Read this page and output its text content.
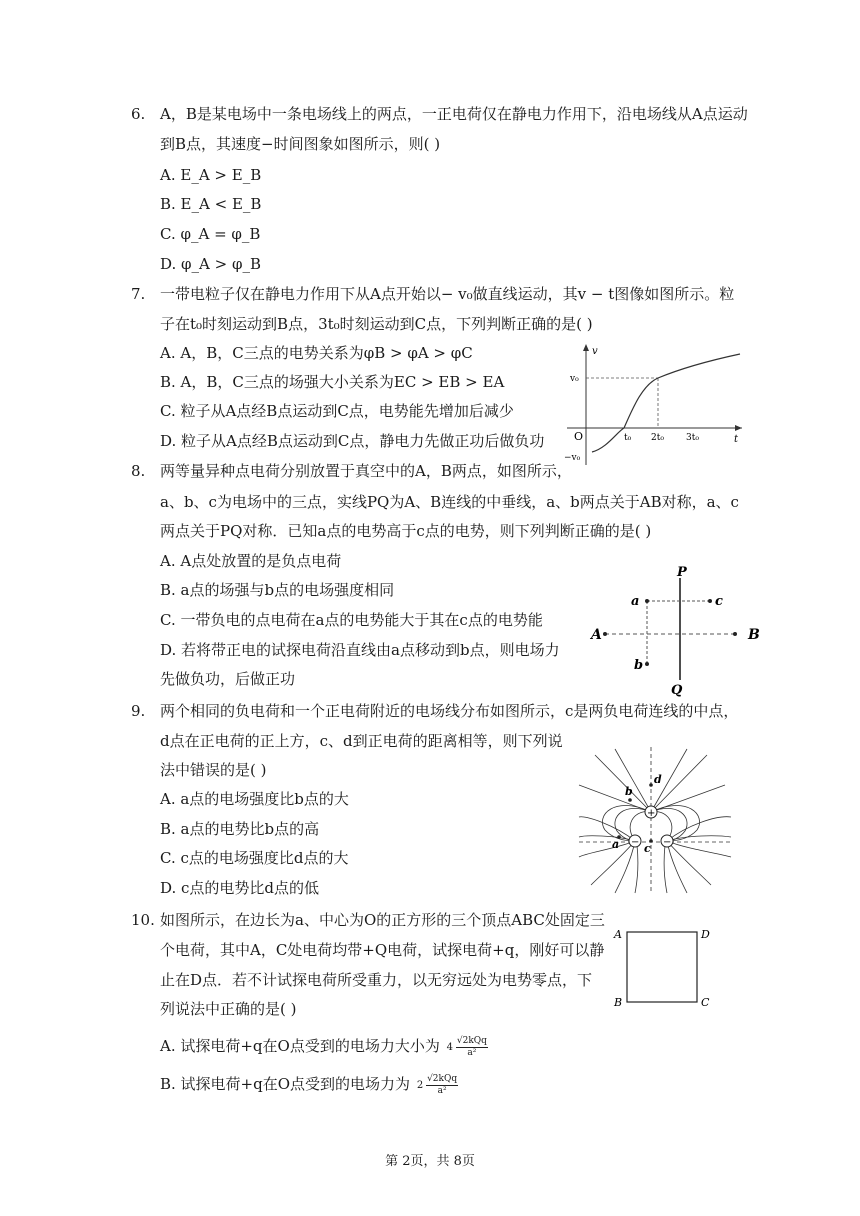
6. A，B是某电场中一条电场线上的两点，一正电荷仅在静电力作用下，沿电场线从A点运动
到B点，其速度−时间图象如图所示，则( )
A. E_A > E_B
B. E_A < E_B
C. φ_A = φ_B
D. φ_A > φ_B
7. 一带电粒子仅在静电力作用下从A点开始以− v₀做直线运动，其v − t图像如图所示。粒
子在t₀时刻运动到B点，3t₀时刻运动到C点，下列判断正确的是( )
A. A，B，C三点的电势关系为φB > φA > φC
B. A，B，C三点的场强大小关系为EC > EB > EA
C. 粒子从A点经B点运动到C点，电势能先增加后减少
D. 粒子从A点经B点运动到C点，静电力先做正功后做负功
v
t
O
v₀
−v₀
t₀ 2t₀ 3t₀
8. 两等量异种点电荷分别放置于真空中的A，B两点，如图所示，
a、b、c为电场中的三点，实线PQ为A、B连线的中垂线，a、b两点关于AB对称，a、c
两点关于PQ对称．已知a点的电势高于c点的电势，则下列判断正确的是( )
A. A点处放置的是负点电荷
B. a点的场强与b点的电场强度相同
C. 一带负电的点电荷在a点的电势能大于其在c点的电势能
D. 若将带正电的试探电荷沿直线由a点移动到b点，则电场力
先做负功，后做正功
P
Q
A	B
a	c
b
9. 两个相同的负电荷和一个正电荷附近的电场线分布如图所示，c是两负电荷连线的中点，
d点在正电荷的正上方，c、d到正电荷的距离相等，则下列说
法中错误的是( )
A. a点的电场强度比b点的大
B. a点的电势比b点的高
C. c点的电场强度比d点的大
D. c点的电势比d点的低
+
− −
d
b
a c
10. 如图所示，在边长为a、中心为O的正方形的三个顶点ABC处固定三
个电荷，其中A，C处电荷均带+Q电荷，试探电荷+q，刚好可以静
止在D点．若不计试探电荷所受重力，以无穷远处为电势零点，下
列说法中正确的是( )
A. 试探电荷+q在O点受到的电场力大小为 4
√2kQq
a²
B. 试探电荷+q在O点受到的电场力为 2
√2kQq
a²
A	D
B	C
第 2页，共 8页
